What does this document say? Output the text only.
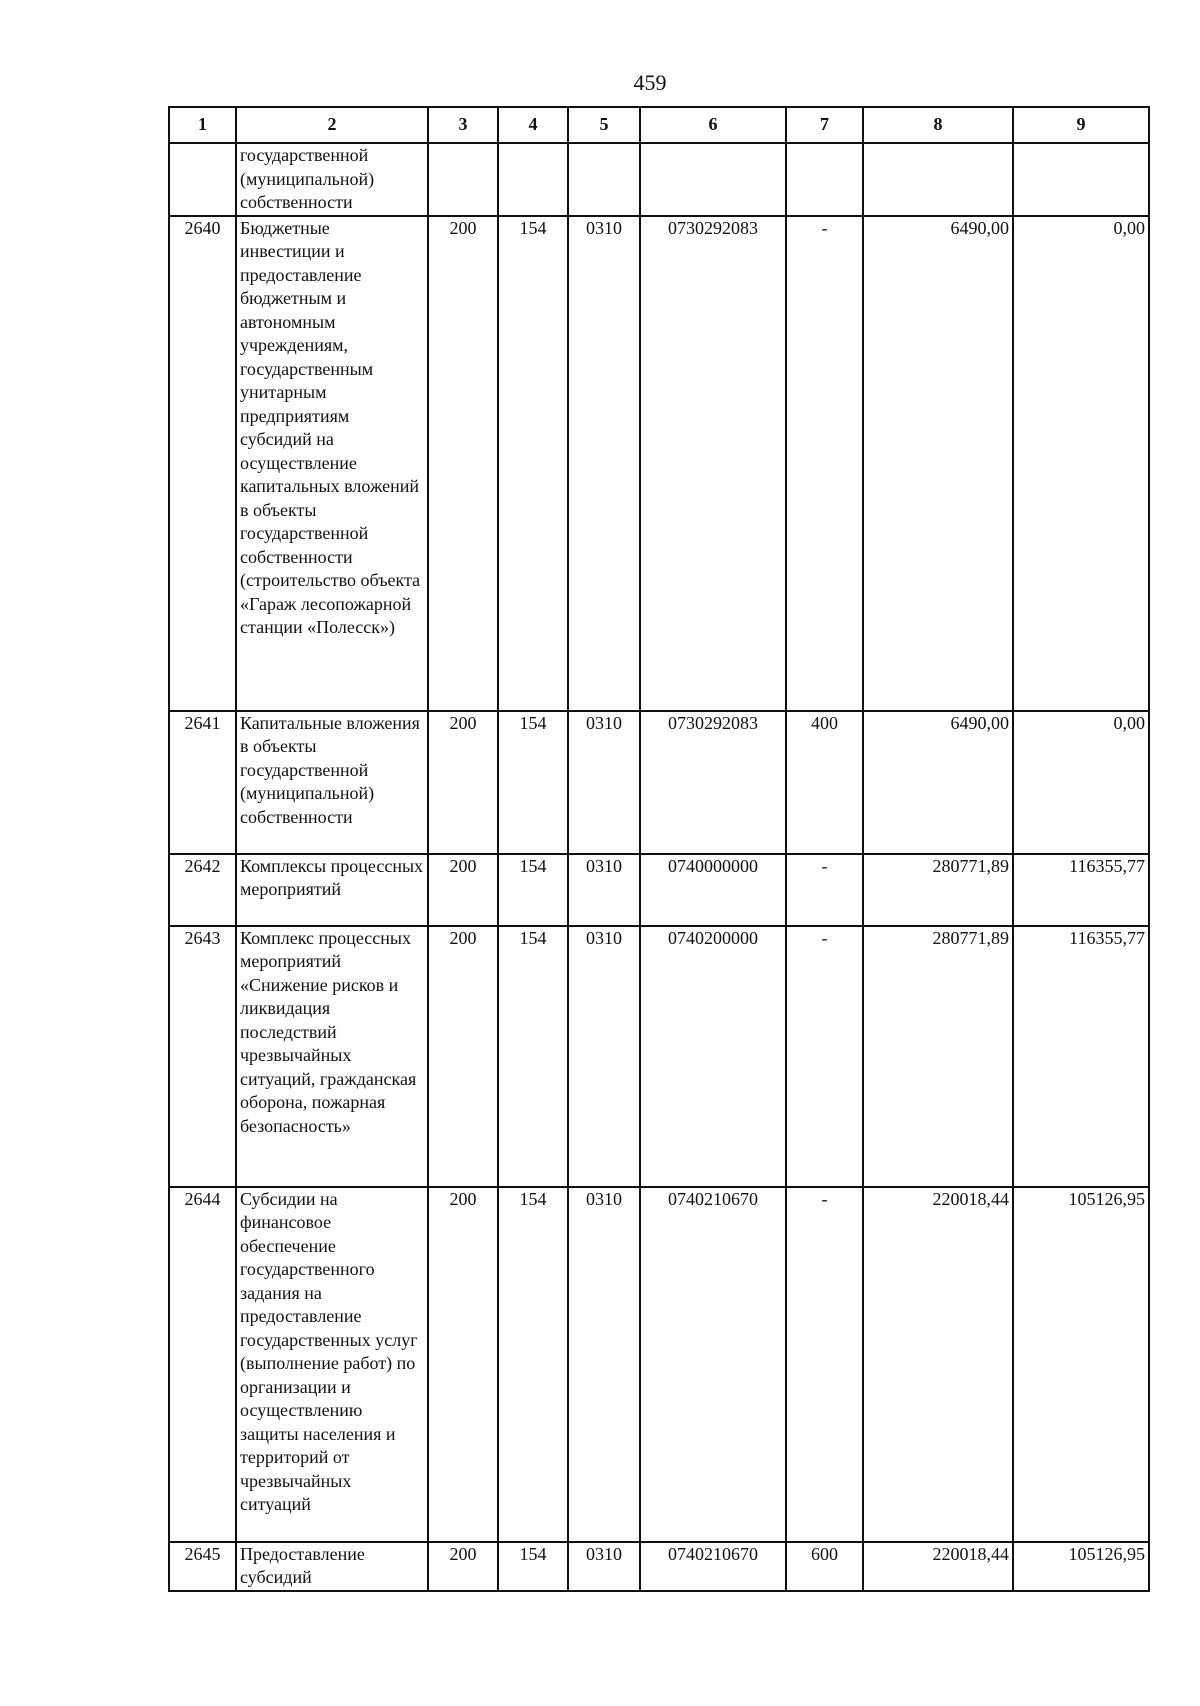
459
1	2	3	4	5	6	7	8	9
	государственной (муниципальной) собственности							
2640	Бюджетные инвестиции и предоставление бюджетным и автономным учреждениям, государственным унитарным предприятиям субсидий на осуществление капитальных вложений в объекты государственной собственности (строительство объекта «Гараж лесопожарной станции «Полесск»)	200	154	0310	0730292083	-	6490,00	0,00
2641	Капитальные вложения в объекты государственной (муниципальной) собственности	200	154	0310	0730292083	400	6490,00	0,00
2642	Комплексы процессных мероприятий	200	154	0310	0740000000	-	280771,89	116355,77
2643	Комплекс процессных мероприятий «Снижение рисков и ликвидация последствий чрезвычайных ситуаций, гражданская оборона, пожарная безопасность»	200	154	0310	0740200000	-	280771,89	116355,77
2644	Субсидии на финансовое обеспечение государственного задания на предоставление государственных услуг (выполнение работ) по организации и осуществлению защиты населения и территорий от чрезвычайных ситуаций	200	154	0310	0740210670	-	220018,44	105126,95
2645	Предоставление субсидий	200	154	0310	0740210670	600	220018,44	105126,95
